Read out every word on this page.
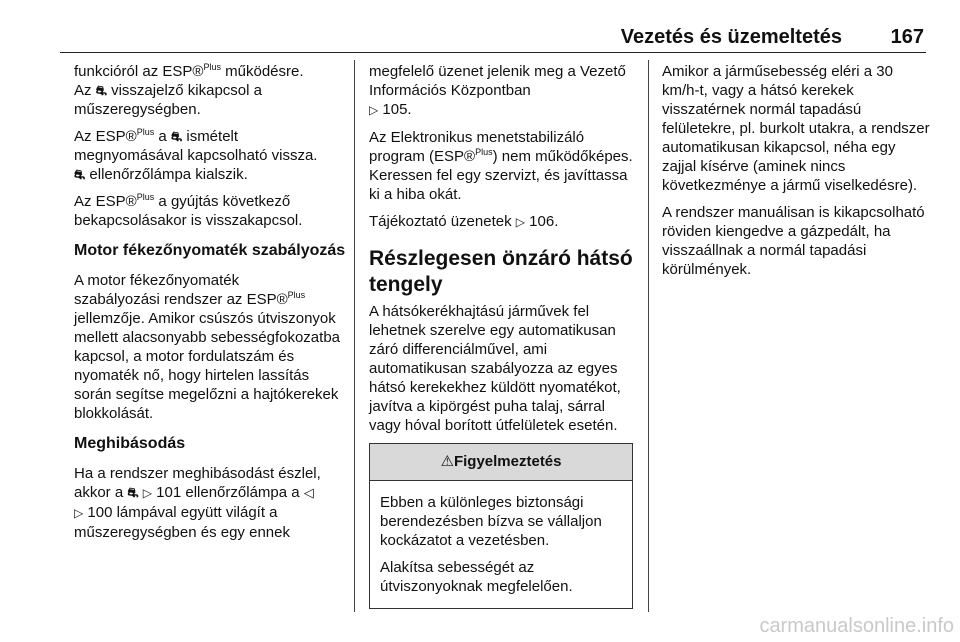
Vezetés és üzemeltetés 167

funkcióról az ESP®$^{Plus}$ működésre.
Az ⛐ visszajelző kikapcsol a
műszeregységben.

Az ESP®$^{Plus}$ a ⛐ ismételt
megnyomásával kapcsolható vissza.
⛐ ellenőrzőlámpa kialszik.

Az ESP®$^{Plus}$ a gyújtás következő
bekapcsolásakor is visszakapcsol.

Motor fékezőnyomaték szabályozás

A motor fékezőnyomaték
szabályozási rendszer az ESP®$^{Plus}$
jellemzője. Amikor csúszós útviszonyok mellett alacsonyabb sebességfokozatba kapcsol, a motor fordulatszám és nyomaték nő, hogy hirtelen lassítás során segítse megelőzni a hajtókerekek blokkolását.

Meghibásodás

Ha a rendszer meghibásodást észlel, akkor a ⛐ ▷ 101 ellenőrzőlámpa a ◁
▷ 100 lámpával együtt világít a
műszeregységben és egy ennek

megfelelő üzenet jelenik meg a Vezető Információs Központban
▷ 105.

Az Elektronikus menetstabilizáló program (ESP®$^{Plus}$) nem működőképes. Keressen fel egy szervizt, és javíttassa ki a hiba okát.

Tájékoztató üzenetek ▷ 106.

Részlegesen önzáró hátsó tengely

A hátsókerékhajtású járművek fel lehetnek szerelve egy automatikusan záró differenciálművel, ami automatikusan szabályozza az egyes hátsó kerekekhez küldött nyomatékot, javítva a kipörgést puha talaj, sárral vagy hóval borított útfelületek esetén.

⚠Figyelmeztetés

Ebben a különleges biztonsági berendezésben bízva se vállaljon kockázatot a vezetésben.

Alakítsa sebességét az útviszonyoknak megfelelően.

Amikor a járműsebesség eléri a 30 km/h-t, vagy a hátsó kerekek visszatérnek normál tapadású felületekre, pl. burkolt utakra, a rendszer automatikusan kikapcsol, néha egy zajjal kísérve (aminek nincs következménye a jármű viselkedésre).

A rendszer manuálisan is kikapcsolható röviden kiengedve a gázpedált, ha visszaállnak a normál tapadási körülmények.

carmanualsonline.info
